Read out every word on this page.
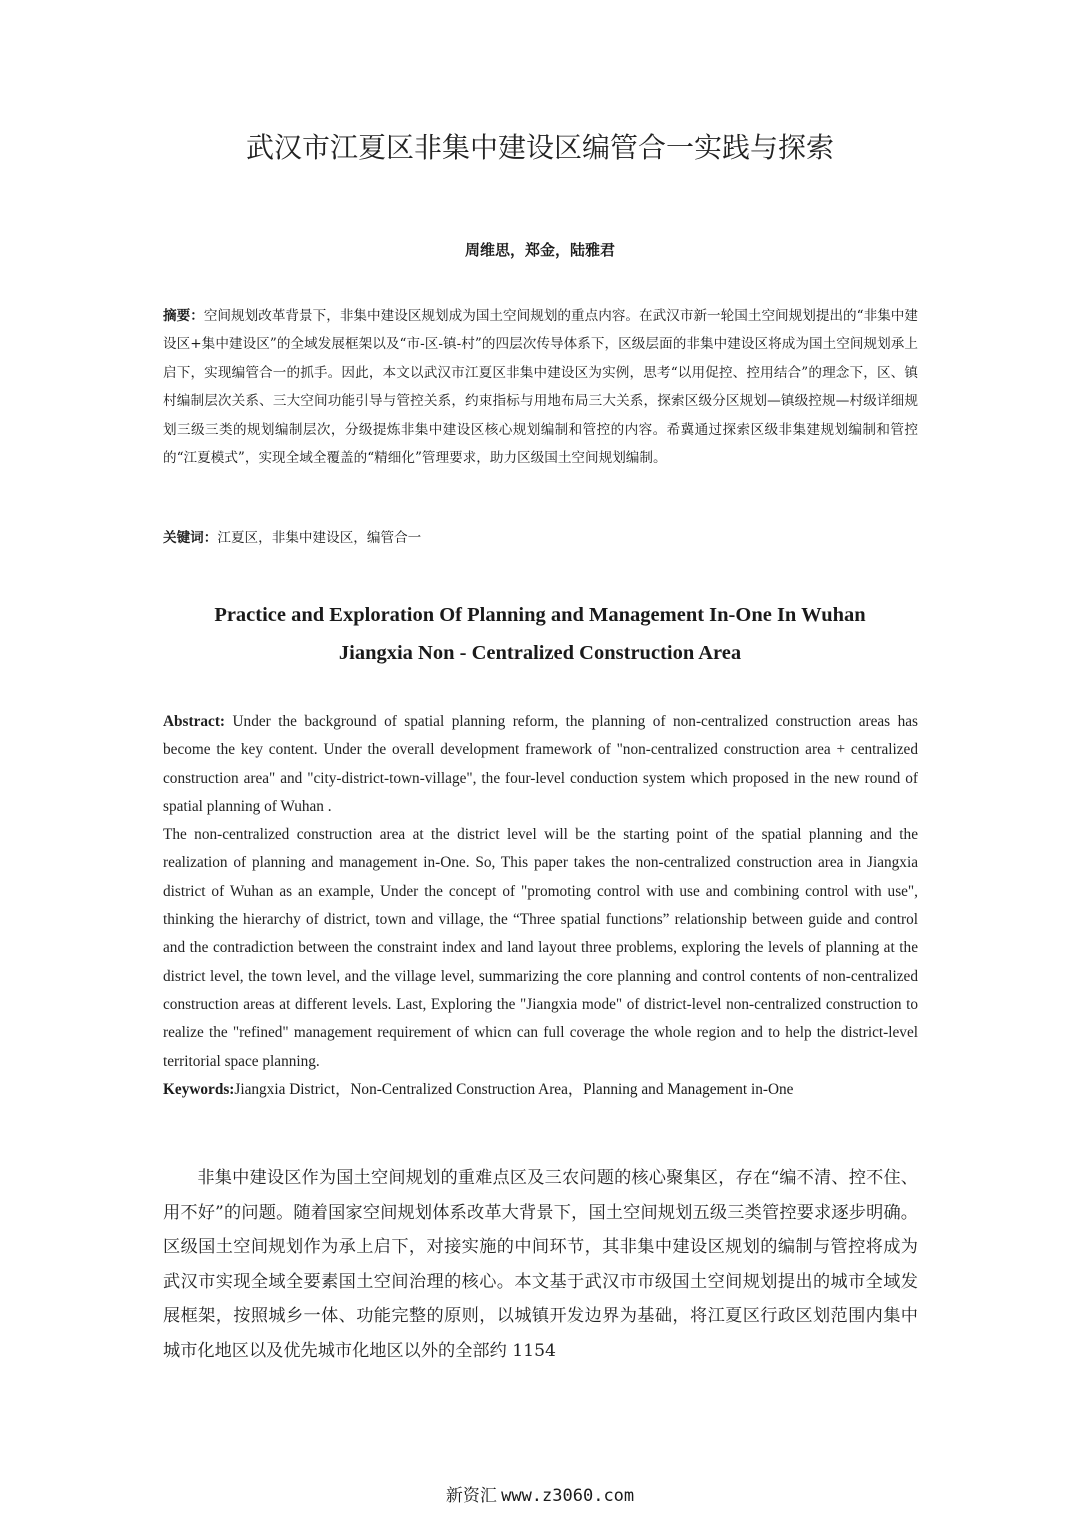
武汉市江夏区非集中建设区编管合一实践与探索
周维思，郑金，陆雅君

摘要：空间规划改革背景下，非集中建设区规划成为国土空间规划的重点内容。在武汉市新一轮国土空间规划提出的“非集中建设区+集中建设区”的全域发展框架以及“市-区-镇-村”的四层次传导体系下，区级层面的非集中建设区将成为国土空间规划承上启下，实现编管合一的抓手。因此，本文以武汉市江夏区非集中建设区为实例，思考“以用促控、控用结合”的理念下，区、镇村编制层次关系、三大空间功能引导与管控关系，约束指标与用地布局三大关系，探索区级分区规划—镇级控规—村级详细规划三级三类的规划编制层次，分级提炼非集中建设区核心规划编制和管控的内容。希冀通过探索区级非集建规划编制和管控的“江夏模式”，实现全域全覆盖的“精细化”管理要求，助力区级国土空间规划编制。

关键词：江夏区，非集中建设区，编管合一

Practice and Exploration Of Planning and Management In-One In Wuhan
Jiangxia Non - Centralized Construction Area

Abstract: Under the background of spatial planning reform, the planning of non-centralized construction areas has become the key content. Under the overall development framework of "non-centralized construction area + centralized construction area" and "city-district-town-village", the four-level conduction system which proposed in the new round of spatial planning of Wuhan .

The non-centralized construction area at the district level will be the starting point of the spatial planning and the realization of planning and management in-One. So, This paper takes the non-centralized construction area in Jiangxia district of Wuhan as an example, Under the concept of "promoting control with use and combining control with use", thinking the hierarchy of district, town and village, the “Three spatial functions” relationship between guide and control and the contradiction between the constraint index and land layout three problems, exploring the levels of planning at the district level, the town level, and the village level, summarizing the core planning and control contents of non-centralized construction areas at different levels. Last, Exploring the "Jiangxia mode" of district-level non-centralized construction to realize the "refined" management requirement of whicn can full coverage the whole region and to help the district-level territorial space planning.

Keywords:Jiangxia District，Non-Centralized Construction Area，Planning and Management in-One

非集中建设区作为国土空间规划的重难点区及三农问题的核心聚集区，存在“编不清、控不住、用不好”的问题。随着国家空间规划体系改革大背景下，国土空间规划五级三类管控要求逐步明确。区级国土空间规划作为承上启下，对接实施的中间环节，其非集中建设区规划的编制与管控将成为武汉市实现全域全要素国土空间治理的核心。本文基于武汉市市级国土空间规划提出的城市全域发展框架，按照城乡一体、功能完整的原则，以城镇开发边界为基础，将江夏区行政区划范围内集中城市化地区以及优先城市化地区以外的全部约 1154

新资汇 www.z3060.com
